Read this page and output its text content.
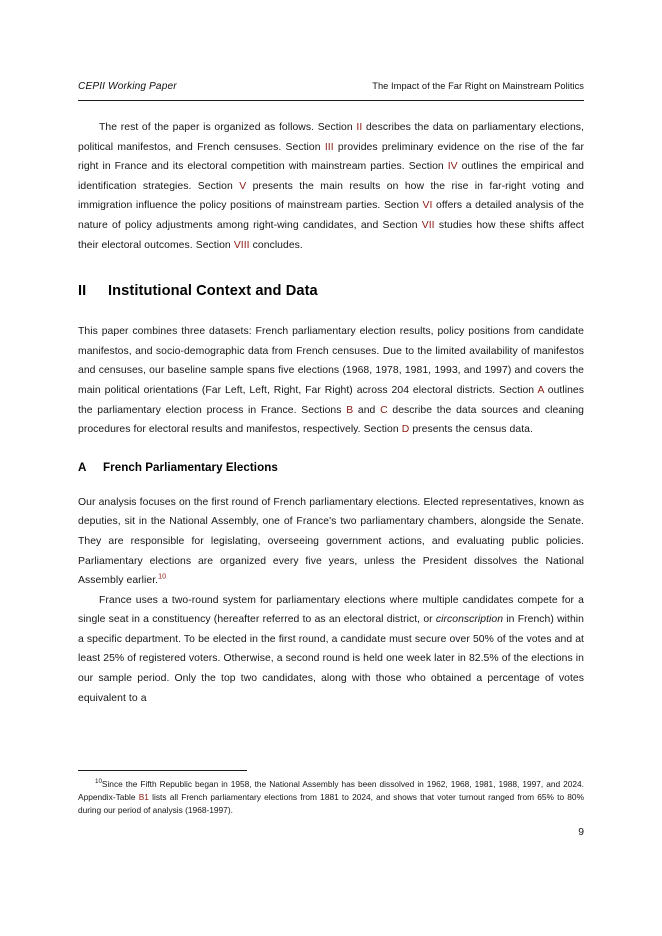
CEPII Working Paper	The Impact of the Far Right on Mainstream Politics

The rest of the paper is organized as follows. Section II describes the data on parliamentary elections, political manifestos, and French censuses. Section III provides preliminary evidence on the rise of the far right in France and its electoral competition with mainstream parties. Section IV outlines the empirical and identification strategies. Section V presents the main results on how the rise in far-right voting and immigration influence the policy positions of mainstream parties. Section VI offers a detailed analysis of the nature of policy adjustments among right-wing candidates, and Section VII studies how these shifts affect their electoral outcomes. Section VIII concludes.

II Institutional Context and Data

This paper combines three datasets: French parliamentary election results, policy positions from candidate manifestos, and socio-demographic data from French censuses. Due to the limited availability of manifestos and censuses, our baseline sample spans five elections (1968, 1978, 1981, 1993, and 1997) and covers the main political orientations (Far Left, Left, Right, Far Right) across 204 electoral districts. Section A outlines the parliamentary election process in France. Sections B and C describe the data sources and cleaning procedures for electoral results and manifestos, respectively. Section D presents the census data.

A French Parliamentary Elections

Our analysis focuses on the first round of French parliamentary elections. Elected representatives, known as deputies, sit in the National Assembly, one of France's two parliamentary chambers, alongside the Senate. They are responsible for legislating, overseeing government actions, and evaluating public policies. Parliamentary elections are organized every five years, unless the President dissolves the National Assembly earlier.$^{10}$

France uses a two-round system for parliamentary elections where multiple candidates compete for a single seat in a constituency (hereafter referred to as an electoral district, or circonscription in French) within a specific department. To be elected in the first round, a candidate must secure over 50% of the votes and at least 25% of registered voters. Otherwise, a second round is held one week later in 82.5% of the elections in our sample period. Only the top two candidates, along with those who obtained a percentage of votes equivalent to a

$^{10}$Since the Fifth Republic began in 1958, the National Assembly has been dissolved in 1962, 1968, 1981, 1988, 1997, and 2024. Appendix-Table B1 lists all French parliamentary elections from 1881 to 2024, and shows that voter turnout ranged from 65% to 80% during our period of analysis (1968-1997).

9
